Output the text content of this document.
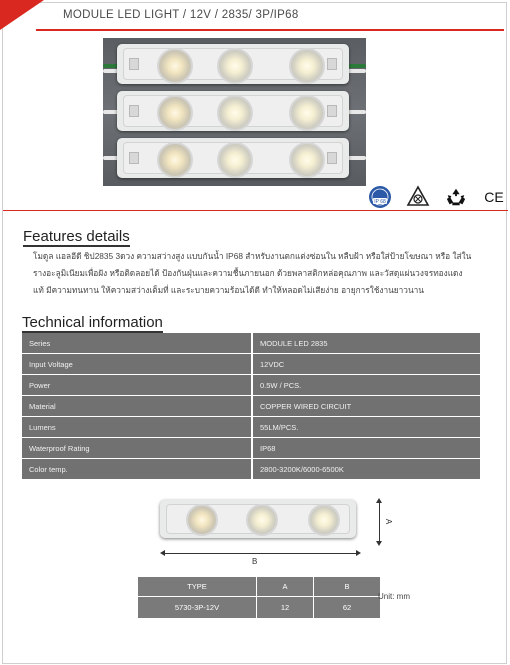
MODULE LED LIGHT / 12V / 2835/ 3P/IP68
IP 68	CE
Features details
โมดูล แอลอีดี ชิป2835 3ดวง ความสว่างสูง แบบกันน้ำ IP68 สำหรับงานตกแต่งซ่อนใน หลืบฝ้า หรือใส่ป้ายโฆษณา หรือ ใส่ใน รางอะลูมิเนียมเพื่อฝัง หรือติดลอยได้ ป้องกันฝุ่นและความชื้นภายนอก ด้วยพลาสติกหล่อคุณภาพ และวัสดุแผ่นวงจรทองแดงแท้ มีความทนทาน ให้ความสว่างเต็มที่ และระบายความร้อนได้ดี ทำให้หลอดไม่เสียง่าย อายุการใช้งานยาวนาน
Technical information
Series	MODULE LED 2835
Input Voltage	12VDC
Power	0.5W / PCS.
Material	COPPER WIRED CIRCUIT
Lumens	55LM/PCS.
Waterproof Rating	IP68
Color temp.	2800-3200K/6000-6500K
A
B
TYPE	A	B
5730-3P-12V	12	62
Unit: mm
